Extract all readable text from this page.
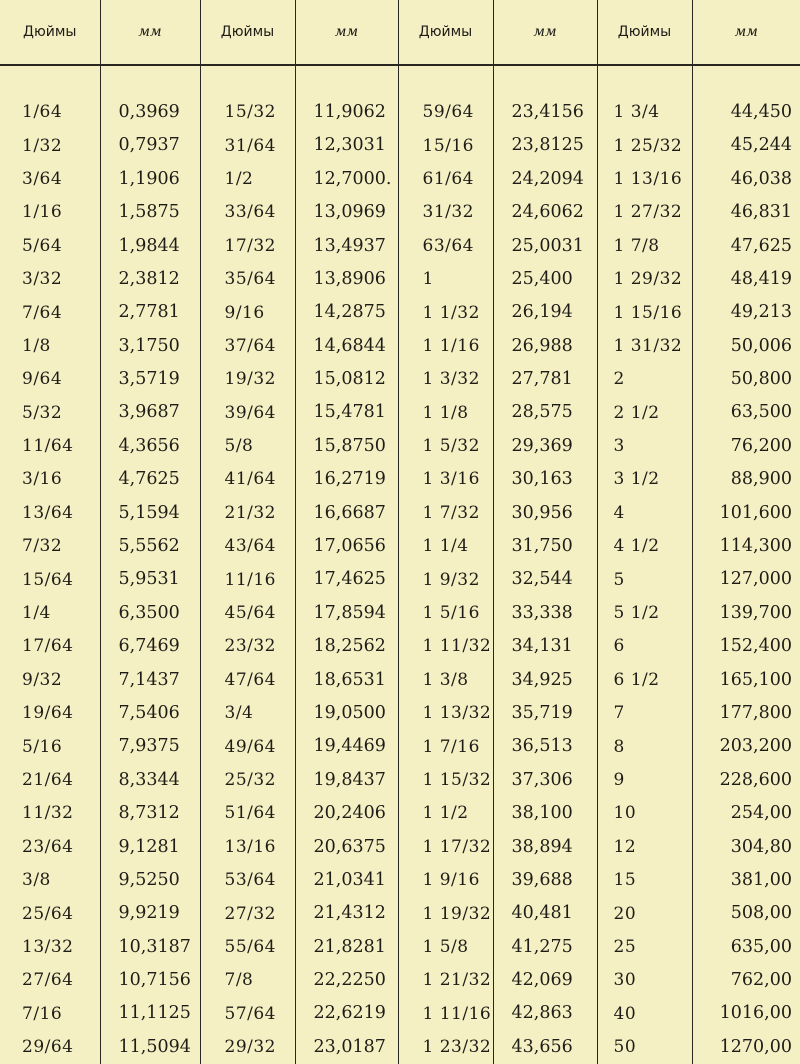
Дюймы	мм	Дюймы	мм	Дюймы	мм	Дюймы	мм

1/64	0,3969	15/32	11,9062	59/64	23,4156	1 3/4	44,450
1/32	0,7937	31/64	12,3031	15/16	23,8125	1 25/32	45,244
3/64	1,1906	1/2	12,7000.	61/64	24,2094	1 13/16	46,038
1/16	1,5875	33/64	13,0969	31/32	24,6062	1 27/32	46,831
5/64	1,9844	17/32	13,4937	63/64	25,0031	1 7/8	47,625
3/32	2,3812	35/64	13,8906	1	25,400	1 29/32	48,419
7/64	2,7781	9/16	14,2875	1 1/32	26,194	1 15/16	49,213
1/8	3,1750	37/64	14,6844	1 1/16	26,988	1 31/32	50,006
9/64	3,5719	19/32	15,0812	1 3/32	27,781	2	50,800
5/32	3,9687	39/64	15,4781	1 1/8	28,575	2 1/2	63,500
11/64	4,3656	5/8	15,8750	1 5/32	29,369	3	76,200
3/16	4,7625	41/64	16,2719	1 3/16	30,163	3 1/2	88,900
13/64	5,1594	21/32	16,6687	1 7/32	30,956	4	101,600
7/32	5,5562	43/64	17,0656	1 1/4	31,750	4 1/2	114,300
15/64	5,9531	11/16	17,4625	1 9/32	32,544	5	127,000
1/4	6,3500	45/64	17,8594	1 5/16	33,338	5 1/2	139,700
17/64	6,7469	23/32	18,2562	1 11/32	34,131	6	152,400
9/32	7,1437	47/64	18,6531	1 3/8	34,925	6 1/2	165,100
19/64	7,5406	3/4	19,0500	1 13/32	35,719	7	177,800
5/16	7,9375	49/64	19,4469	1 7/16	36,513	8	203,200
21/64	8,3344	25/32	19,8437	1 15/32	37,306	9	228,600
11/32	8,7312	51/64	20,2406	1 1/2	38,100	10	254,00
23/64	9,1281	13/16	20,6375	1 17/32	38,894	12	304,80
3/8	9,5250	53/64	21,0341	1 9/16	39,688	15	381,00
25/64	9,9219	27/32	21,4312	1 19/32	40,481	20	508,00
13/32	10,3187	55/64	21,8281	1 5/8	41,275	25	635,00
27/64	10,7156	7/8	22,2250	1 21/32	42,069	30	762,00
7/16	11,1125	57/64	22,6219	1 11/16	42,863	40	1016,00
29/64	11,5094	29/32	23,0187	1 23/32	43,656	50	1270,00
